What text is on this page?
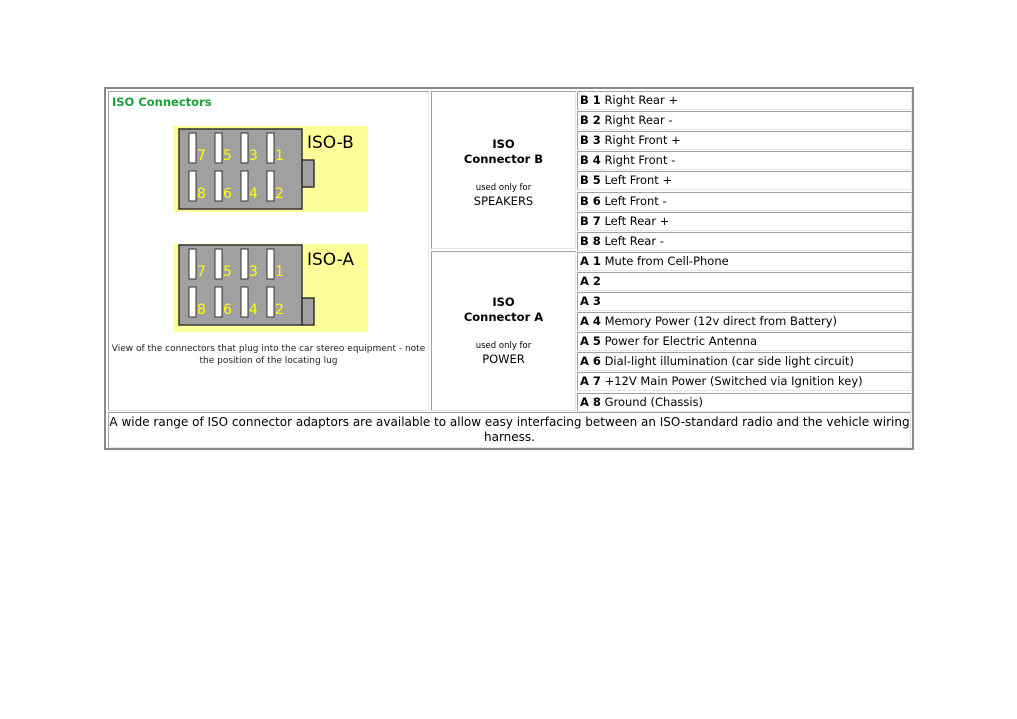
ISO Connectors
ISO-B
ISO-A
7 5 3 1
8 6 4 2
7 5 3 1
8 6 4 2
View of the connectors that plug into the car stereo equipment - note the position of the locating lug
ISO
Connector B
used only for
SPEAKERS
ISO
Connector A
used only for
POWER
B 1 Right Rear +
B 2 Right Rear -
B 3 Right Front +
B 4 Right Front -
B 5 Left Front +
B 6 Left Front -
B 7 Left Rear +
B 8 Left Rear -
A 1 Mute from Cell-Phone
A 2
A 3
A 4 Memory Power (12v direct from Battery)
A 5 Power for Electric Antenna
A 6 Dial-light illumination (car side light circuit)
A 7 +12V Main Power (Switched via Ignition key)
A 8 Ground (Chassis)
A wide range of ISO connector adaptors are available to allow easy interfacing between an ISO-standard radio and the vehicle wiring harness.
